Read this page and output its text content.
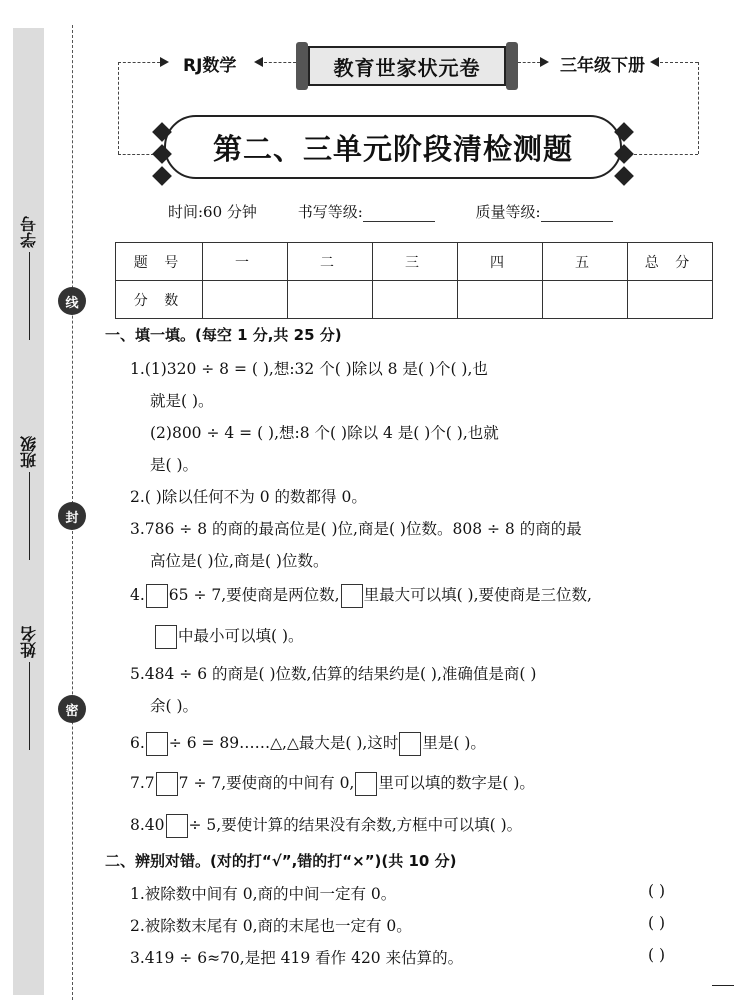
学号
班级
姓名
线
封
密
RJ数学	教育世家状元卷	三年级下册
第二、三单元阶段清检测题
时间:60 分钟	书写等级:	质量等级:
题 号	一	二	三	四	五	总 分
分 数						
一、填一填。(每空 1 分,共 25 分)
1.(1)320 ÷ 8 = ( ),想:32 个( )除以 8 是( )个( ),也
就是( )。
(2)800 ÷ 4 = ( ),想:8 个( )除以 4 是( )个( ),也就
是( )。
2.( )除以任何不为 0 的数都得 0。
3.786 ÷ 8 的商的最高位是( )位,商是( )位数。808 ÷ 8 的商的最
高位是( )位,商是( )位数。
4. 65 ÷ 7,要使商是两位数, 里最大可以填( ),要使商是三位数,
中最小可以填( )。
5.484 ÷ 6 的商是( )位数,估算的结果约是( ),准确值是商( )
余( )。
6. ÷ 6 = 89……△,△最大是( ),这时 里是( )。
7.7 7 ÷ 7,要使商的中间有 0, 里可以填的数字是( )。
8.40 ÷ 5,要使计算的结果没有余数,方框中可以填( )。
二、辨别对错。(对的打“√”,错的打“×”)(共 10 分)
1.被除数中间有 0,商的中间一定有 0。	( )
2.被除数末尾有 0,商的末尾也一定有 0。	( )
3.419 ÷ 6≈70,是把 419 看作 420 来估算的。	( )
